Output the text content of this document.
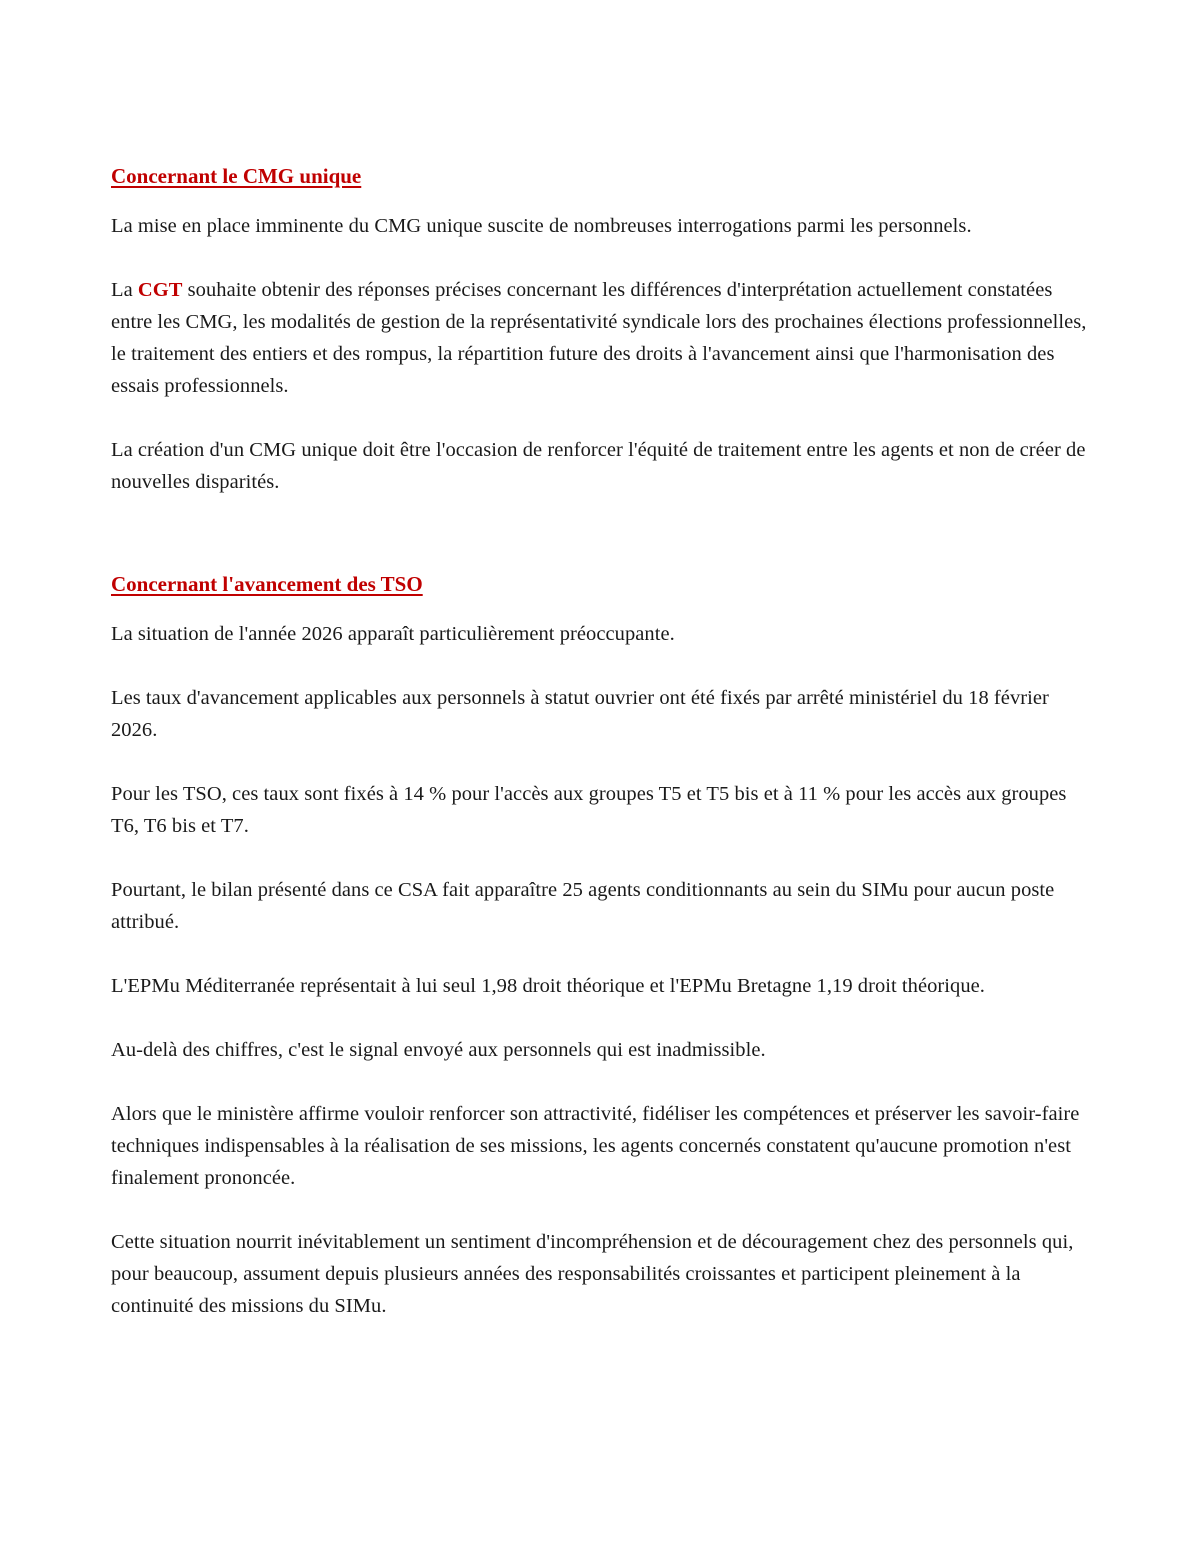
Concernant le CMG unique

La mise en place imminente du CMG unique suscite de nombreuses interrogations parmi les personnels.

La CGT souhaite obtenir des réponses précises concernant les différences d'interprétation actuellement constatées entre les CMG, les modalités de gestion de la représentativité syndicale lors des prochaines élections professionnelles, le traitement des entiers et des rompus, la répartition future des droits à l'avancement ainsi que l'harmonisation des essais professionnels.

La création d'un CMG unique doit être l'occasion de renforcer l'équité de traitement entre les agents et non de créer de nouvelles disparités.

Concernant l'avancement des TSO

La situation de l'année 2026 apparaît particulièrement préoccupante.

Les taux d'avancement applicables aux personnels à statut ouvrier ont été fixés par arrêté ministériel du 18 février 2026.

Pour les TSO, ces taux sont fixés à 14 % pour l'accès aux groupes T5 et T5 bis et à 11 % pour les accès aux groupes T6, T6 bis et T7.

Pourtant, le bilan présenté dans ce CSA fait apparaître 25 agents conditionnants au sein du SIMu pour aucun poste attribué.

L'EPMu Méditerranée représentait à lui seul 1,98 droit théorique et l'EPMu Bretagne 1,19 droit théorique.

Au-delà des chiffres, c'est le signal envoyé aux personnels qui est inadmissible.

Alors que le ministère affirme vouloir renforcer son attractivité, fidéliser les compétences et préserver les savoir-faire techniques indispensables à la réalisation de ses missions, les agents concernés constatent qu'aucune promotion n'est finalement prononcée.

Cette situation nourrit inévitablement un sentiment d'incompréhension et de découragement chez des personnels qui, pour beaucoup, assument depuis plusieurs années des responsabilités croissantes et participent pleinement à la continuité des missions du SIMu.
